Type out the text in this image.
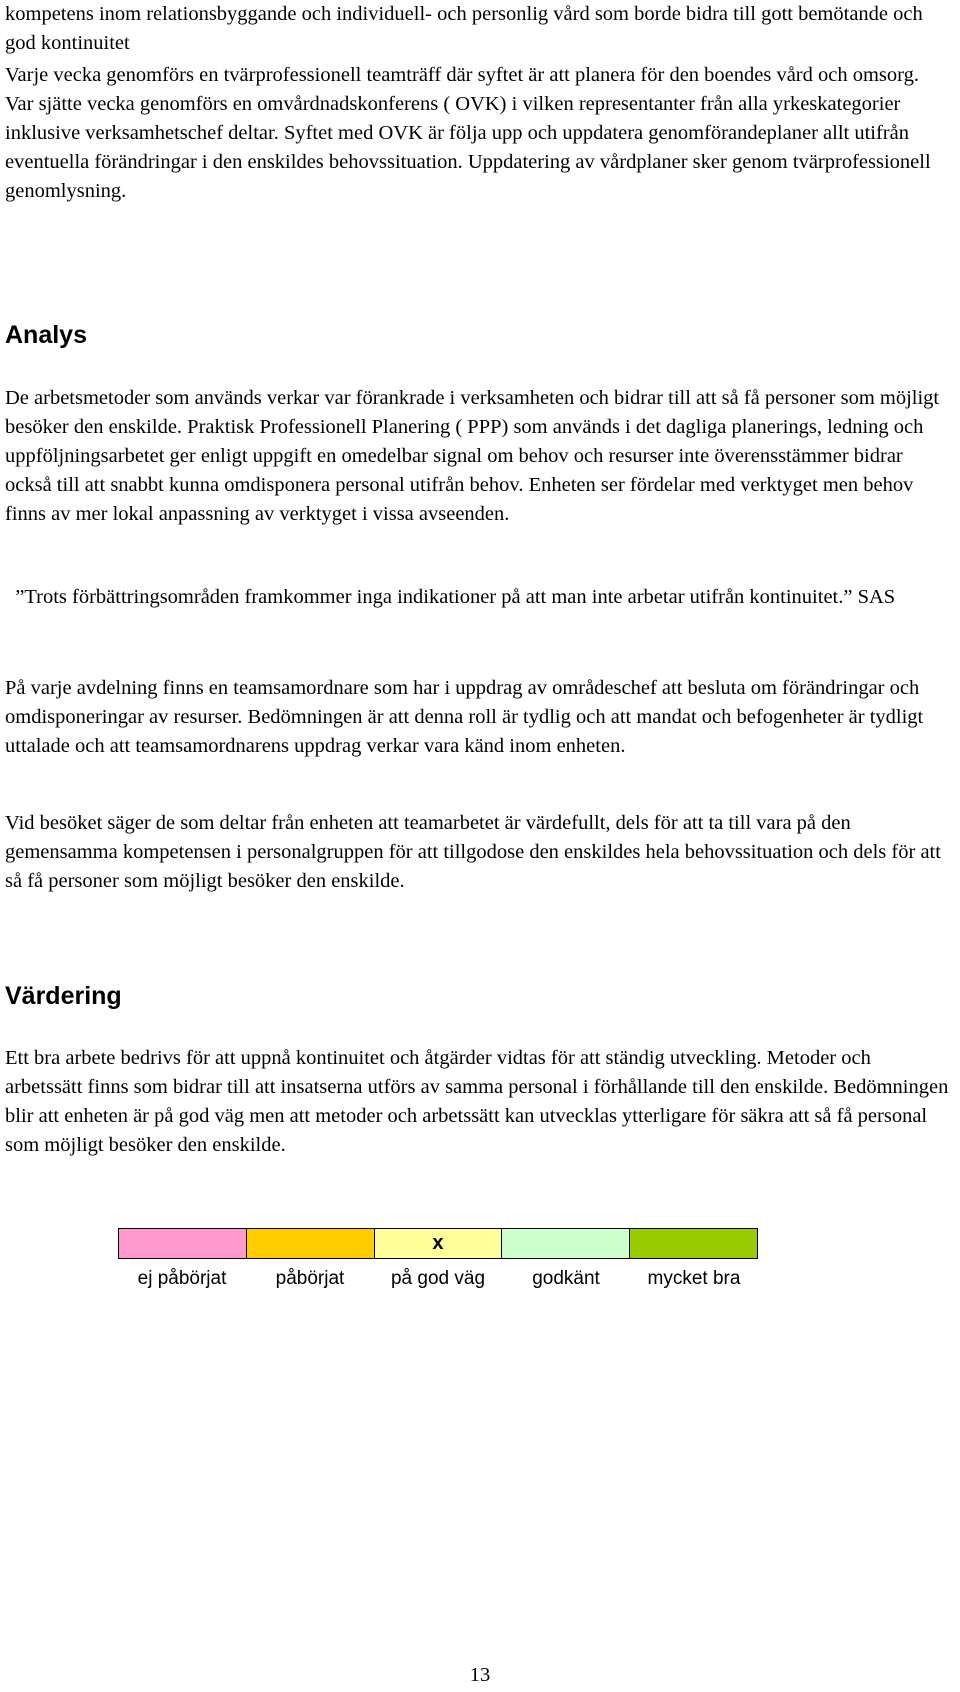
kompetens inom relationsbyggande och individuell- och personlig vård som borde bidra till gott bemötande och god kontinuitet

Varje vecka genomförs en tvärprofessionell teamträff där syftet är att planera för den boendes vård och omsorg. Var sjätte vecka genomförs en omvårdnadskonferens ( OVK) i vilken representanter från alla yrkeskategorier inklusive verksamhetschef deltar. Syftet med OVK är följa upp och uppdatera genomförandeplaner allt utifrån eventuella förändringar i den enskildes behovssituation. Uppdatering av vårdplaner sker genom tvärprofessionell genomlysning.

Analys

De arbetsmetoder som används verkar var förankrade i verksamheten och bidrar till att så få personer som möjligt besöker den enskilde. Praktisk Professionell Planering ( PPP) som används i det dagliga planerings, ledning och uppföljningsarbetet ger enligt uppgift en omedelbar signal om behov och resurser inte överensstämmer bidrar också till att snabbt kunna omdisponera personal utifrån behov. Enheten ser fördelar med verktyget men behov finns av mer lokal anpassning av verktyget i vissa avseenden.

”Trots förbättringsområden framkommer inga indikationer på att man inte arbetar utifrån kontinuitet.” SAS

På varje avdelning finns en teamsamordnare som har i uppdrag av områdeschef att besluta om förändringar och omdisponeringar av resurser. Bedömningen är att denna roll är tydlig och att mandat och befogenheter är tydligt uttalade och att teamsamordnarens uppdrag verkar vara känd inom enheten.

Vid besöket säger de som deltar från enheten att teamarbetet är värdefullt, dels för att ta till vara på den gemensamma kompetensen i personalgruppen för att tillgodose den enskildes hela behovssituation och dels för att så få personer som möjligt besöker den enskilde.

Värdering

Ett bra arbete bedrivs för att uppnå kontinuitet och åtgärder vidtas för att ständig utveckling. Metoder och arbetssätt finns som bidrar till att insatserna utförs av samma personal i förhållande till den enskilde. Bedömningen blir att enheten är på god väg men att metoder och arbetssätt kan utvecklas ytterligare för säkra att så få personal som möjligt besöker den enskilde.

x
ej påbörjat	påbörjat	på god väg	godkänt	mycket bra
13
